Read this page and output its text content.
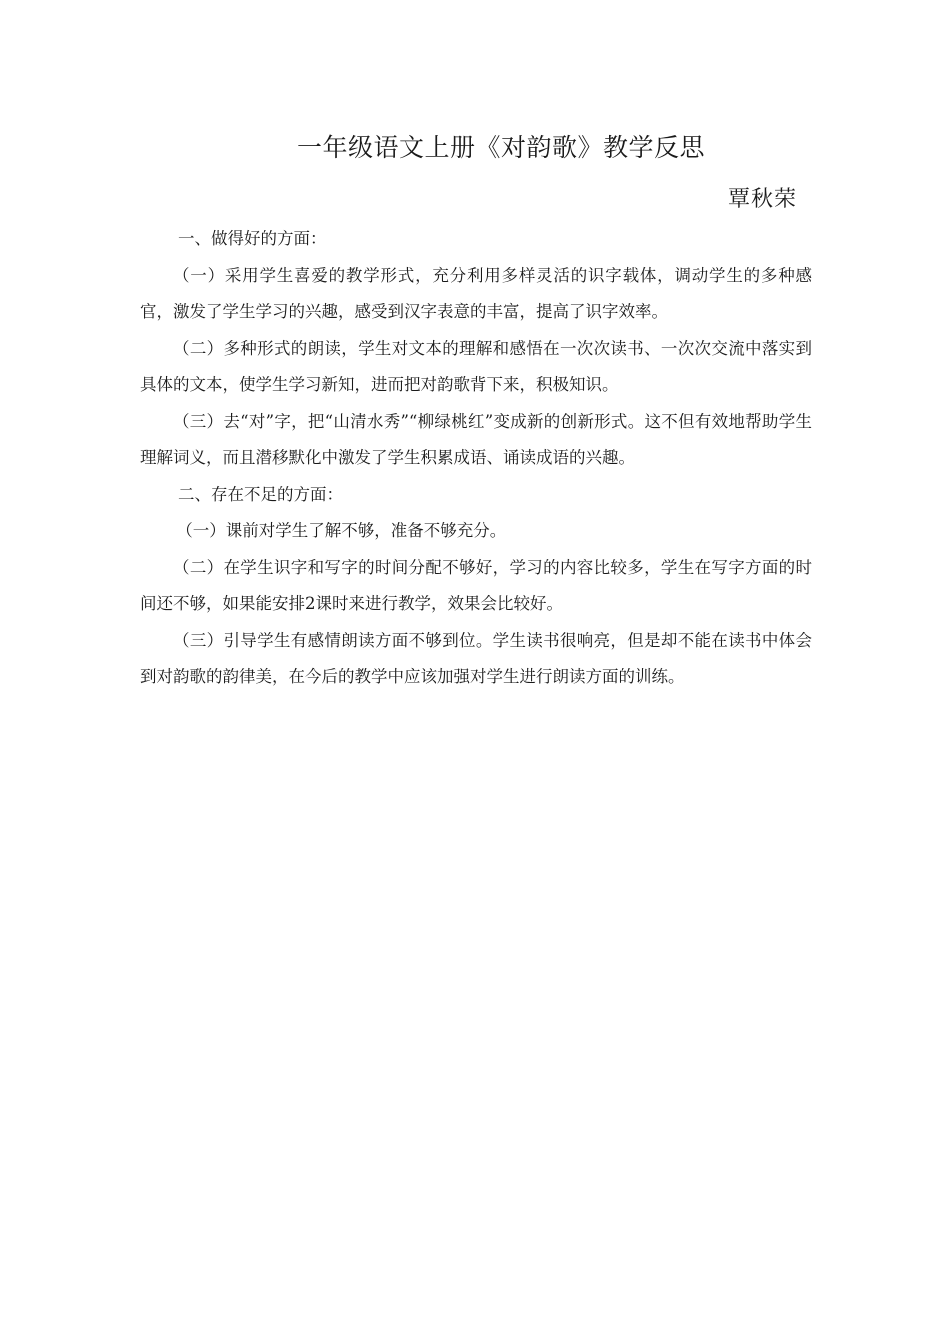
一年级语文上册《对韵歌》教学反思
覃秋荣

一、做得好的方面：

（一）采用学生喜爱的教学形式，充分利用多样灵活的识字载体，调动学生的多种感官，激发了学生学习的兴趣，感受到汉字表意的丰富，提高了识字效率。

（二）多种形式的朗读，学生对文本的理解和感悟在一次次读书、一次次交流中落实到具体的文本，使学生学习新知，进而把对韵歌背下来，积极知识。

（三）去“对”字，把“山清水秀”“柳绿桃红”变成新的创新形式。这不但有效地帮助学生理解词义，而且潜移默化中激发了学生积累成语、诵读成语的兴趣。

二、存在不足的方面：

（一）课前对学生了解不够，准备不够充分。

（二）在学生识字和写字的时间分配不够好，学习的内容比较多，学生在写字方面的时间还不够，如果能安排2课时来进行教学，效果会比较好。

（三）引导学生有感情朗读方面不够到位。学生读书很响亮，但是却不能在读书中体会到对韵歌的韵律美，在今后的教学中应该加强对学生进行朗读方面的训练。
